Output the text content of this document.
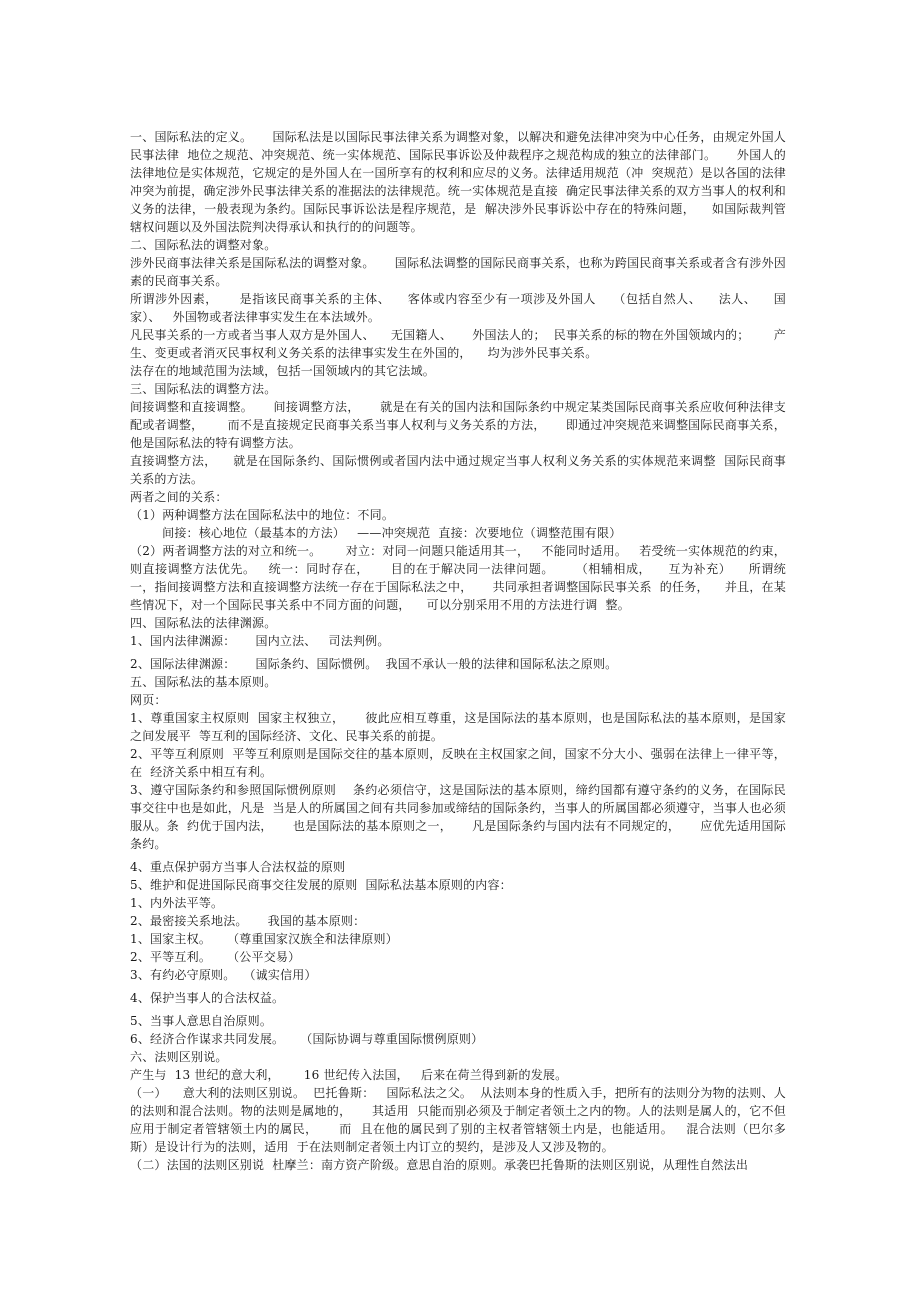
一、国际私法的定义。     国际私法是以国际民事法律关系为调整对象，以解决和避免法律冲突为中心任务，由规定外国人民事法律  地位之规范、冲突规范、统一实体规范、国际民事诉讼及仲裁程序之规范构成的独立的法律部门。     外国人的法律地位是实体规范，它规定的是外国人在一国所享有的权利和应尽的义务。法律适用规范（冲  突规范）是以各国的法律冲突为前提，确定涉外民事法律关系的准据法的法律规范。统一实体规范是直接  确定民事法律关系的双方当事人的权利和义务的法律，一般表现为条约。国际民事诉讼法是程序规范，是  解决涉外民事诉讼中存在的特殊问题，    如国际裁判管辖权问题以及外国法院判决得承认和执行的的问题等。

二、国际私法的调整对象。

涉外民商事法律关系是国际私法的调整对象。     国际私法调整的国际民商事关系，也称为跨国民商事关系或者含有涉外因素的民商事关系。

所谓涉外因素，     是指该民商事关系的主体、    客体或内容至少有一项涉及外国人    （包括自然人、    法人、    国家）、   外国物或者法律事实发生在本法域外。

凡民事关系的一方或者当事人双方是外国人、    无国籍人、     外国法人的；  民事关系的标的物在外国领域内的；      产生、变更或者消灭民事权利义务关系的法律事实发生在外国的，    均为涉外民事关系。

法存在的地域范围为法域，包括一国领域内的其它法域。

三、国际私法的调整方法。

间接调整和直接调整。     间接调整方法，     就是在有关的国内法和国际条约中规定某类国际民商事关系应收何种法律支配或者调整，      而不是直接规定民商事关系当事人权利与义务关系的方法，     即通过冲突规范来调整国际民商事关系，    他是国际私法的特有调整方法。

直接调整方法，    就是在国际条约、国际惯例或者国内法中通过规定当事人权利义务关系的实体规范来调整  国际民商事关系的方法。

两者之间的关系：

（1）两种调整方法在国际私法中的地位：不同。

间接：核心地位（最基本的方法）   ——冲突规范  直接：次要地位（调整范围有限）

（2）两者调整方法的对立和统一。      对立：对同一问题只能适用其一，   不能同时适用。   若受统一实体规范的约束，则直接调整方法优先。   统一：同时存在，     目的在于解决同一法律问题。     （相辅相成，    互为补充）    所谓统一，指间接调整方法和直接调整方法统一存在于国际私法之中，     共同承担者调整国际民事关系  的任务，    并且，在某些情况下，对一个国际民事关系中不同方面的问题，    可以分别采用不用的方法进行调  整。

四、国际私法的法律渊源。

1、国内法律渊源：     国内立法、   司法判例。

2、国际法律渊源：     国际条约、国际惯例。  我国不承认一般的法律和国际私法之原则。

五、国际私法的基本原则。

网页：

1、尊重国家主权原则  国家主权独立，     彼此应相互尊重，这是国际法的基本原则，也是国际私法的基本原则，是国家之间发展平  等互利的国际经济、文化、民事关系的前提。

2、平等互利原则  平等互利原则是国际交往的基本原则，反映在主权国家之间，国家不分大小、强弱在法律上一律平等，在  经济关系中相互有利。

3、遵守国际条约和参照国际惯例原则    条约必须信守，这是国际法的基本原则，缔约国都有遵守条约的义务，在国际民事交往中也是如此，凡是  当是人的所属国之间有共同参加或缔结的国际条约，当事人的所属国都必须遵守，当事人也必须服从。条  约优于国内法，     也是国际法的基本原则之一，     凡是国际条约与国内法有不同规定的，     应优先适用国际条约。

4、重点保护弱方当事人合法权益的原则

5、维护和促进国际民商事交往发展的原则  国际私法基本原则的内容：

1、内外法平等。

2、最密接关系地法。     我国的基本原则：

1、国家主权。    （尊重国家汉族全和法律原则）

2、平等互利。    （公平交易）

3、有约必守原则。  （诚实信用）

4、保护当事人的合法权益。

5、当事人意思自治原则。

6、经济合作谋求共同发展。    （国际协调与尊重国际惯例原则）

六、法则区别说。

产生与  13 世纪的意大利，      16 世纪传入法国，   后来在荷兰得到新的发展。

（一）    意大利的法则区别说。  巴托鲁斯：   国际私法之父。  从法则本身的性质入手，把所有的法则分为物的法则、人的法则和混合法则。物的法则是属地的，     其适用  只能而别必须及于制定者领土之内的物。人的法则是属人的，它不但应用于制定者管辖领土内的属民，     而  且在他的属民到了别的主权者管辖领土内是，也能适用。   混合法则（巴尔多斯）是设计行为的法则，适用  于在法则制定者领土内订立的契约，是涉及人又涉及物的。

（二）法国的法则区别说  杜摩兰：南方资产阶级。意思自治的原则。承袭巴托鲁斯的法则区别说，从理性自然法出
